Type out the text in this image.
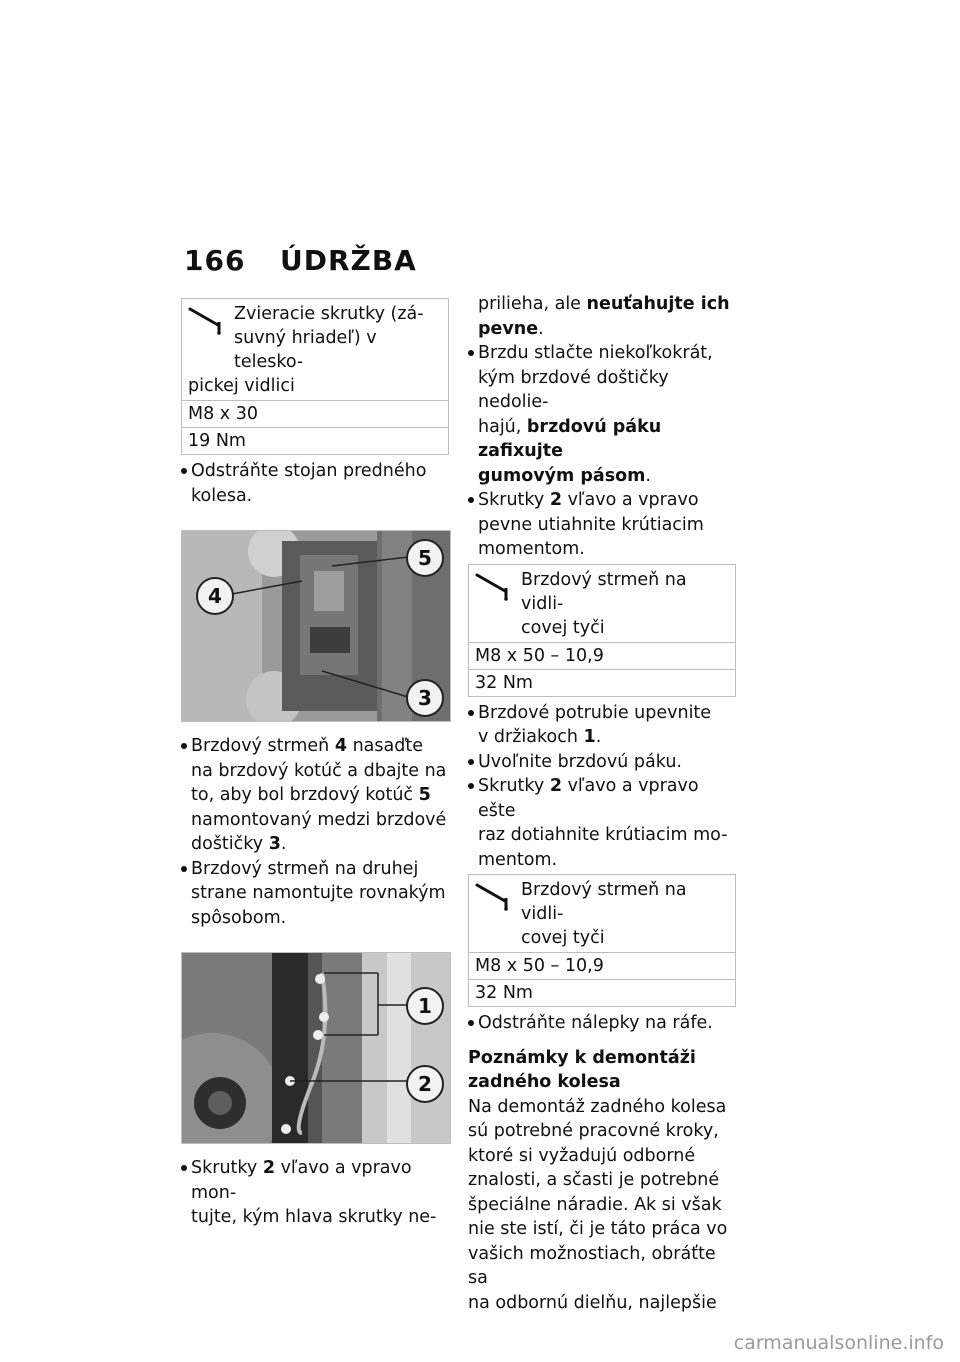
166 ÚDRŽBA
Zvieracie skrutky (zá-
suvný hriadeľ) v telesko-
pickej vidlici
M8 x 30
19 Nm
Odstráňte stojan predného
kolesa.
4
5
3
Brzdový strmeň 4 nasaďte
na brzdový kotúč a dbajte na
to, aby bol brzdový kotúč 5
namontovaný medzi brzdové
doštičky 3.
Brzdový strmeň na druhej
strane namontujte rovnakým
spôsobom.
1
2
Skrutky 2 vľavo a vpravo mon-
tujte, kým hlava skrutky ne-
prilieha, ale neuťahujte ich
pevne.
Brzdu stlačte niekoľkokrát,
kým brzdové doštičky nedolie-
hajú, brzdovú páku zafixujte
gumovým pásom.
Skrutky 2 vľavo a vpravo
pevne utiahnite krútiacim
momentom.
Brzdový strmeň na vidli-
covej tyči
M8 x 50 – 10,9
32 Nm
Brzdové potrubie upevnite
v držiakoch 1.
Uvoľnite brzdovú páku.
Skrutky 2 vľavo a vpravo ešte
raz dotiahnite krútiacim mo-
mentom.
Brzdový strmeň na vidli-
covej tyči
M8 x 50 – 10,9
32 Nm
Odstráňte nálepky na ráfe.
Poznámky k demontáži
zadného kolesa

Na demontáž zadného kolesa
sú potrebné pracovné kroky,
ktoré si vyžadujú odborné
znalosti, a sčasti je potrebné
špeciálne náradie. Ak si však
nie ste istí, či je táto práca vo
vašich možnostiach, obráťte sa
na odbornú dielňu, najlepšie

carmanualsonline.info
